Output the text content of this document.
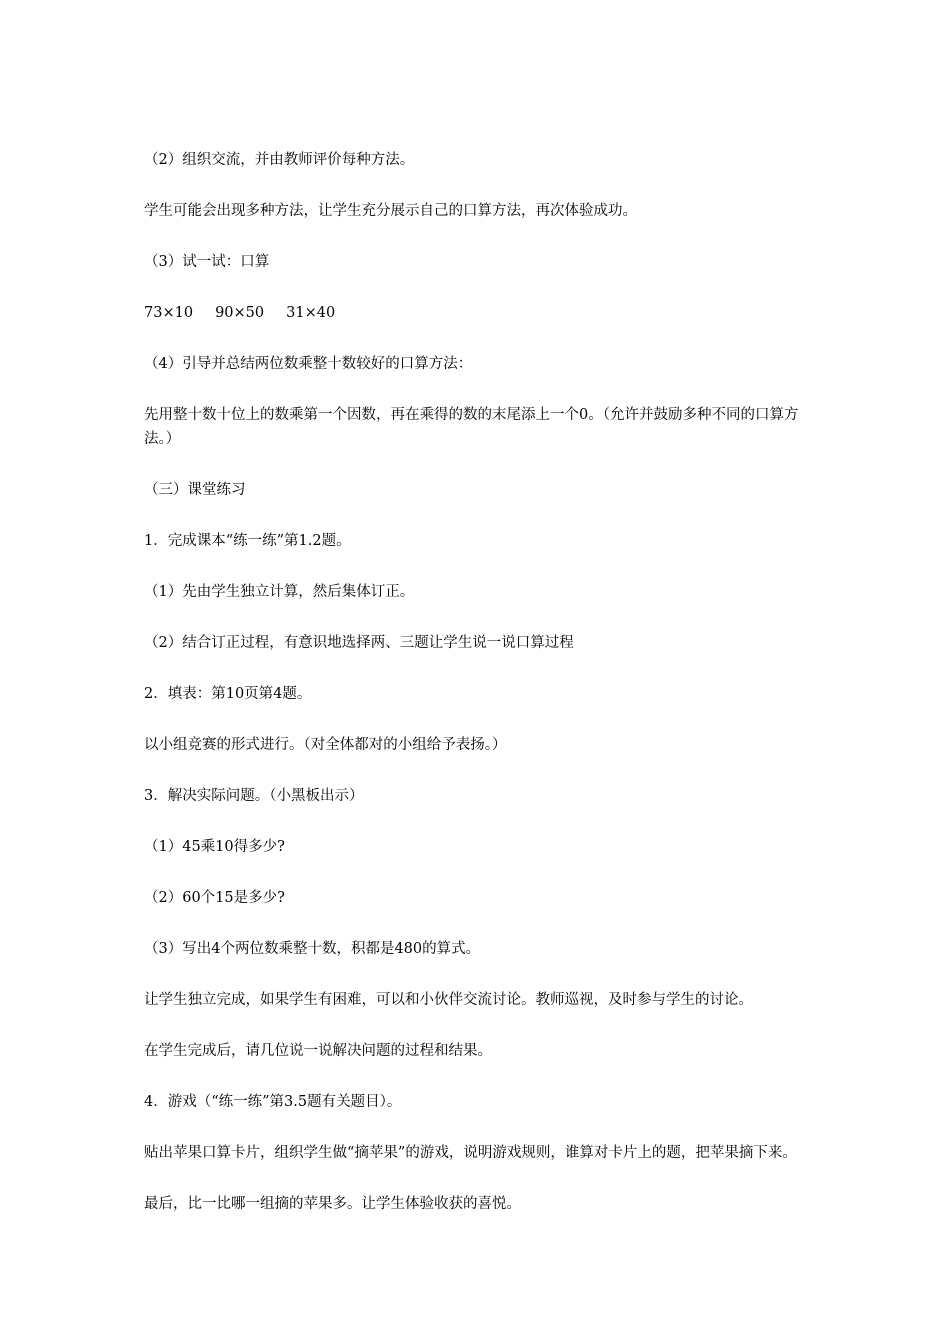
（2）组织交流，并由教师评价每种方法。

学生可能会出现多种方法，让学生充分展示自己的口算方法，再次体验成功。

（3）试一试：口算

73×10 90×50 31×40

（4）引导并总结两位数乘整十数较好的口算方法：

先用整十数十位上的数乘第一个因数，再在乘得的数的末尾添上一个0。（允许并鼓励多种不同的口算方法。）

（三）课堂练习

1．完成课本“练一练”第1.2题。

（1）先由学生独立计算，然后集体订正。

（2）结合订正过程，有意识地选择两、三题让学生说一说口算过程

2．填表：第10页第4题。

以小组竞赛的形式进行。（对全体都对的小组给予表扬。）

3．解决实际问题。（小黑板出示）

（1）45乘10得多少?

（2）60个15是多少?

（3）写出4个两位数乘整十数，积都是480的算式。

让学生独立完成，如果学生有困难，可以和小伙伴交流讨论。教师巡视，及时参与学生的讨论。

在学生完成后，请几位说一说解决问题的过程和结果。

4．游戏（“练一练”第3.5题有关题目）。

贴出苹果口算卡片，组织学生做“摘苹果”的游戏，说明游戏规则，谁算对卡片上的题，把苹果摘下来。

最后，比一比哪一组摘的苹果多。让学生体验收获的喜悦。
